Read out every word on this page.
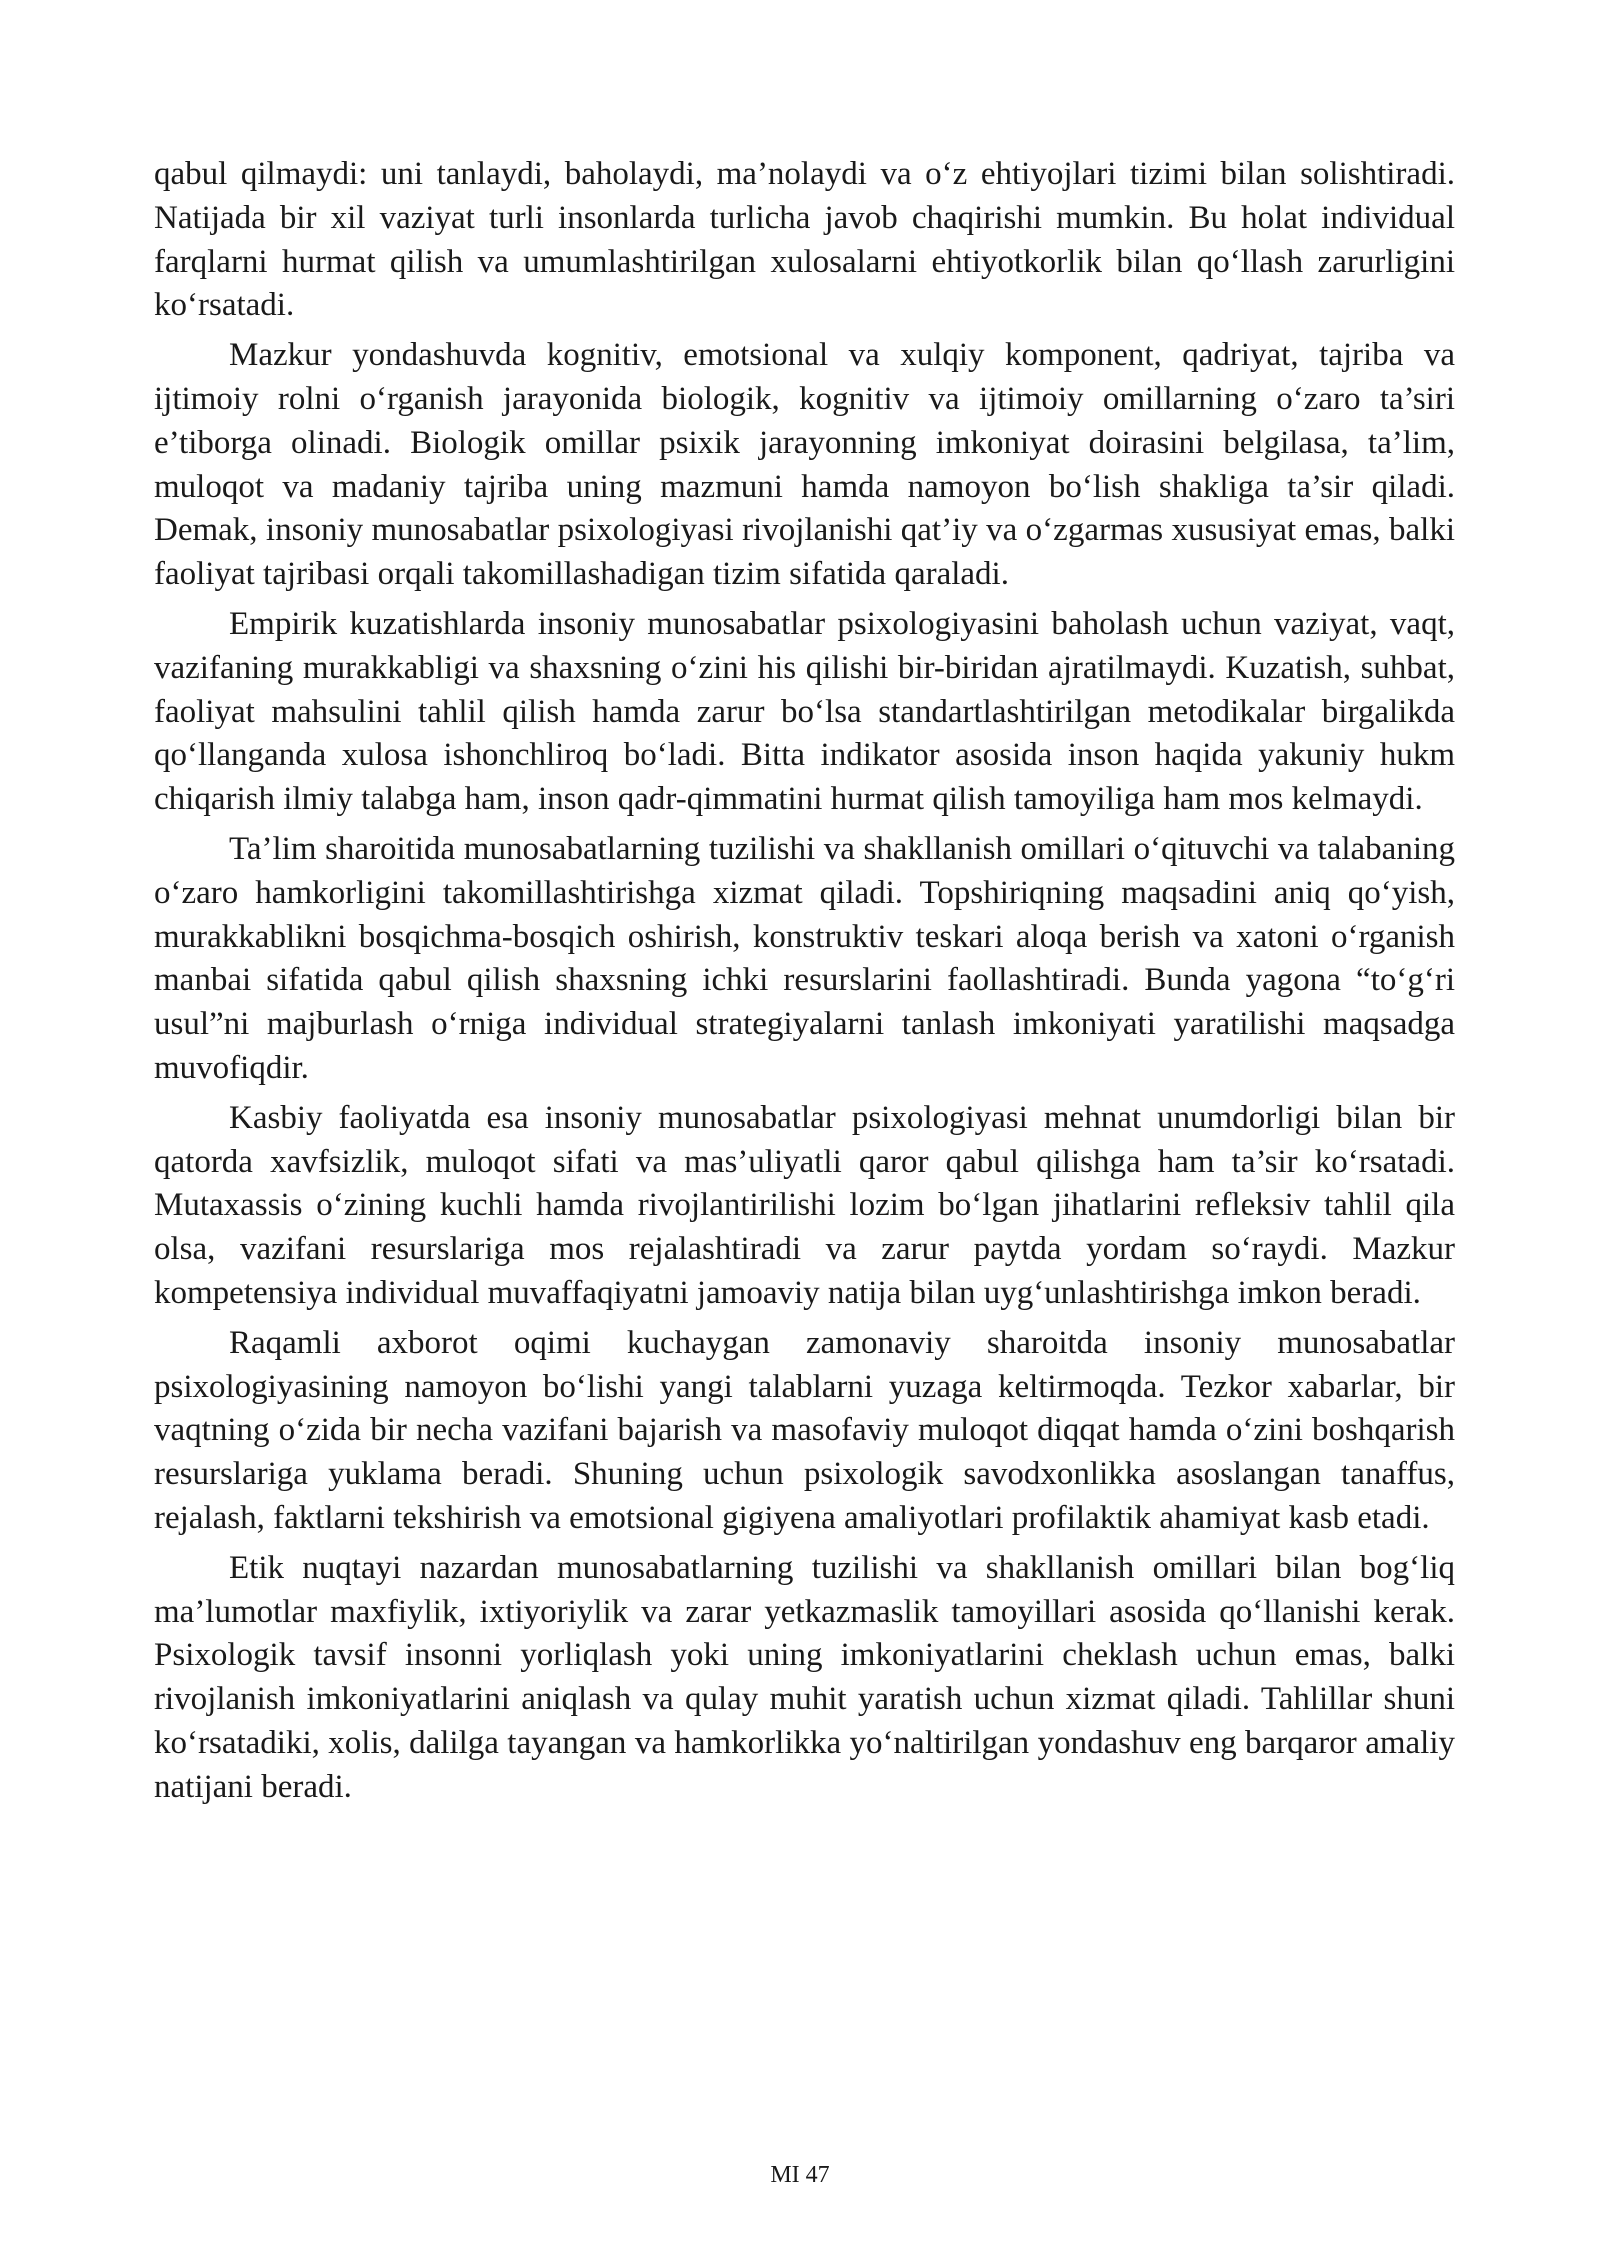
qabul qilmaydi: uni tanlaydi, baholaydi, ma’nolaydi va o‘z ehtiyojlari tizimi bilan solishtiradi. Natijada bir xil vaziyat turli insonlarda turlicha javob chaqirishi mumkin. Bu holat individual farqlarni hurmat qilish va umumlashtirilgan xulosalarni ehtiyotkorlik bilan qo‘llash zarurligini ko‘rsatadi.

Mazkur yondashuvda kognitiv, emotsional va xulqiy komponent, qadriyat, tajriba va ijtimoiy rolni o‘rganish jarayonida biologik, kognitiv va ijtimoiy omillarning o‘zaro ta’siri e’tiborga olinadi. Biologik omillar psixik jarayonning imkoniyat doirasini belgilasa, ta’lim, muloqot va madaniy tajriba uning mazmuni hamda namoyon bo‘lish shakliga ta’sir qiladi. Demak, insoniy munosabatlar psixologiyasi rivojlanishi qat’iy va o‘zgarmas xususiyat emas, balki faoliyat tajribasi orqali takomillashadigan tizim sifatida qaraladi.

Empirik kuzatishlarda insoniy munosabatlar psixologiyasini baholash uchun vaziyat, vaqt, vazifaning murakkabligi va shaxsning o‘zini his qilishi bir-biridan ajratilmaydi. Kuzatish, suhbat, faoliyat mahsulini tahlil qilish hamda zarur bo‘lsa standartlashtirilgan metodikalar birgalikda qo‘llanganda xulosa ishonchliroq bo‘ladi. Bitta indikator asosida inson haqida yakuniy hukm chiqarish ilmiy talabga ham, inson qadr-qimmatini hurmat qilish tamoyiliga ham mos kelmaydi.

Ta’lim sharoitida munosabatlarning tuzilishi va shakllanish omillari o‘qituvchi va talabaning o‘zaro hamkorligini takomillashtirishga xizmat qiladi. Topshiriqning maqsadini aniq qo‘yish, murakkablikni bosqichma-bosqich oshirish, konstruktiv teskari aloqa berish va xatoni o‘rganish manbai sifatida qabul qilish shaxsning ichki resurslarini faollashtiradi. Bunda yagona “to‘g‘ri usul”ni majburlash o‘rniga individual strategiyalarni tanlash imkoniyati yaratilishi maqsadga muvofiqdir.

Kasbiy faoliyatda esa insoniy munosabatlar psixologiyasi mehnat unumdorligi bilan bir qatorda xavfsizlik, muloqot sifati va mas’uliyatli qaror qabul qilishga ham ta’sir ko‘rsatadi. Mutaxassis o‘zining kuchli hamda rivojlantirilishi lozim bo‘lgan jihatlarini refleksiv tahlil qila olsa, vazifani resurslariga mos rejalashtiradi va zarur paytda yordam so‘raydi. Mazkur kompetensiya individual muvaffaqiyatni jamoaviy natija bilan uyg‘unlashtirishga imkon beradi.

Raqamli axborot oqimi kuchaygan zamonaviy sharoitda insoniy munosabatlar psixologiyasining namoyon bo‘lishi yangi talablarni yuzaga keltirmoqda. Tezkor xabarlar, bir vaqtning o‘zida bir necha vazifani bajarish va masofaviy muloqot diqqat hamda o‘zini boshqarish resurslariga yuklama beradi. Shuning uchun psixologik savodxonlikka asoslangan tanaffus, rejalash, faktlarni tekshirish va emotsional gigiyena amaliyotlari profilaktik ahamiyat kasb etadi.

Etik nuqtayi nazardan munosabatlarning tuzilishi va shakllanish omillari bilan bog‘liq ma’lumotlar maxfiylik, ixtiyoriylik va zarar yetkazmaslik tamoyillari asosida qo‘llanishi kerak. Psixologik tavsif insonni yorliqlash yoki uning imkoniyatlarini cheklash uchun emas, balki rivojlanish imkoniyatlarini aniqlash va qulay muhit yaratish uchun xizmat qiladi. Tahlillar shuni ko‘rsatadiki, xolis, dalilga tayangan va hamkorlikka yo‘naltirilgan yondashuv eng barqaror amaliy natijani beradi.

MI 47
